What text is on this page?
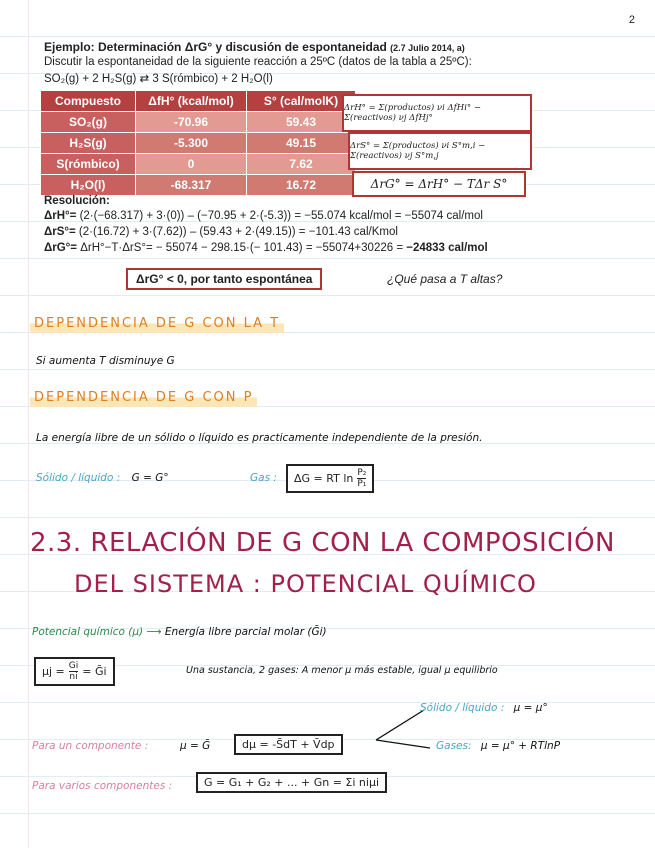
2
Ejemplo: Determinación ΔrG° y discusión de espontaneidad (2.7 Julio 2014, a)
Discutir la espontaneidad de la siguiente reacción a 25ºC (datos de la tabla a 25ºC):
SO₂(g) + 2 H₂S(g) ⇄ 3 S(rómbico) + 2 H₂O(l)
Compuesto	ΔfH° (kcal/mol)	S° (cal/molK)
SO₂(g)	-70.96	59.43
H₂S(g)	-5.300	49.15
S(rómbico)	0	7.62
H₂O(l)	-68.317	16.72
ΔrH° = Σ(productos) νi ΔfHi° − Σ(reactivos) νj ΔfHj°
ΔrS° = Σ(productos) νi S°m,i − Σ(reactivos) νj S°m,j
ΔrG° = ΔrH° − TΔr S°
Resolución:
ΔrH°= (2·(−68.317) + 3·(0)) – (−70.95 + 2·(-5.3)) = −55.074 kcal/mol = −55074 cal/mol
ΔrS°= (2·(16.72) + 3·(7.62)) – (59.43 + 2·(49.15)) = −101.43 cal/Kmol
ΔrG°= ΔrH°−T·ΔrS°= − 55074 − 298.15·(− 101.43) = −55074+30226 = −24833 cal/mol
ΔrG° < 0, por tanto espontánea	¿Qué pasa a T altas?
DEPENDENCIA DE G CON LA T
Si aumenta T disminuye G
DEPENDENCIA DE G CON P
La energía libre de un sólido o líquido es practicamente independiente de la presión.
Sólido / líquido : G = G°	Gas : ΔG = RT $\ln \frac{\text{P₂}}{\text{P₁}}$
2.3. RELACIÓN DE G CON LA COMPOSICIÓN
DEL SISTEMA : POTENCIAL QUÍMICO
Potencial químico (μ) ⟶ Energía libre parcial molar (Ḡi)
$\mu j = \frac{Gi}{ni}$ = Ḡi	Una sustancia, 2 gases: A menor μ más estable, igual μ equilibrio
Para un componente :	μ = Ḡ	dμ = -S̄dT + V̄dp
Sólido / líquido : μ = μ°
Gases: μ = μ° + RTlnP
Para varios componentes :	G = G₁ + G₂ + ... + Gn = Σi niμi
